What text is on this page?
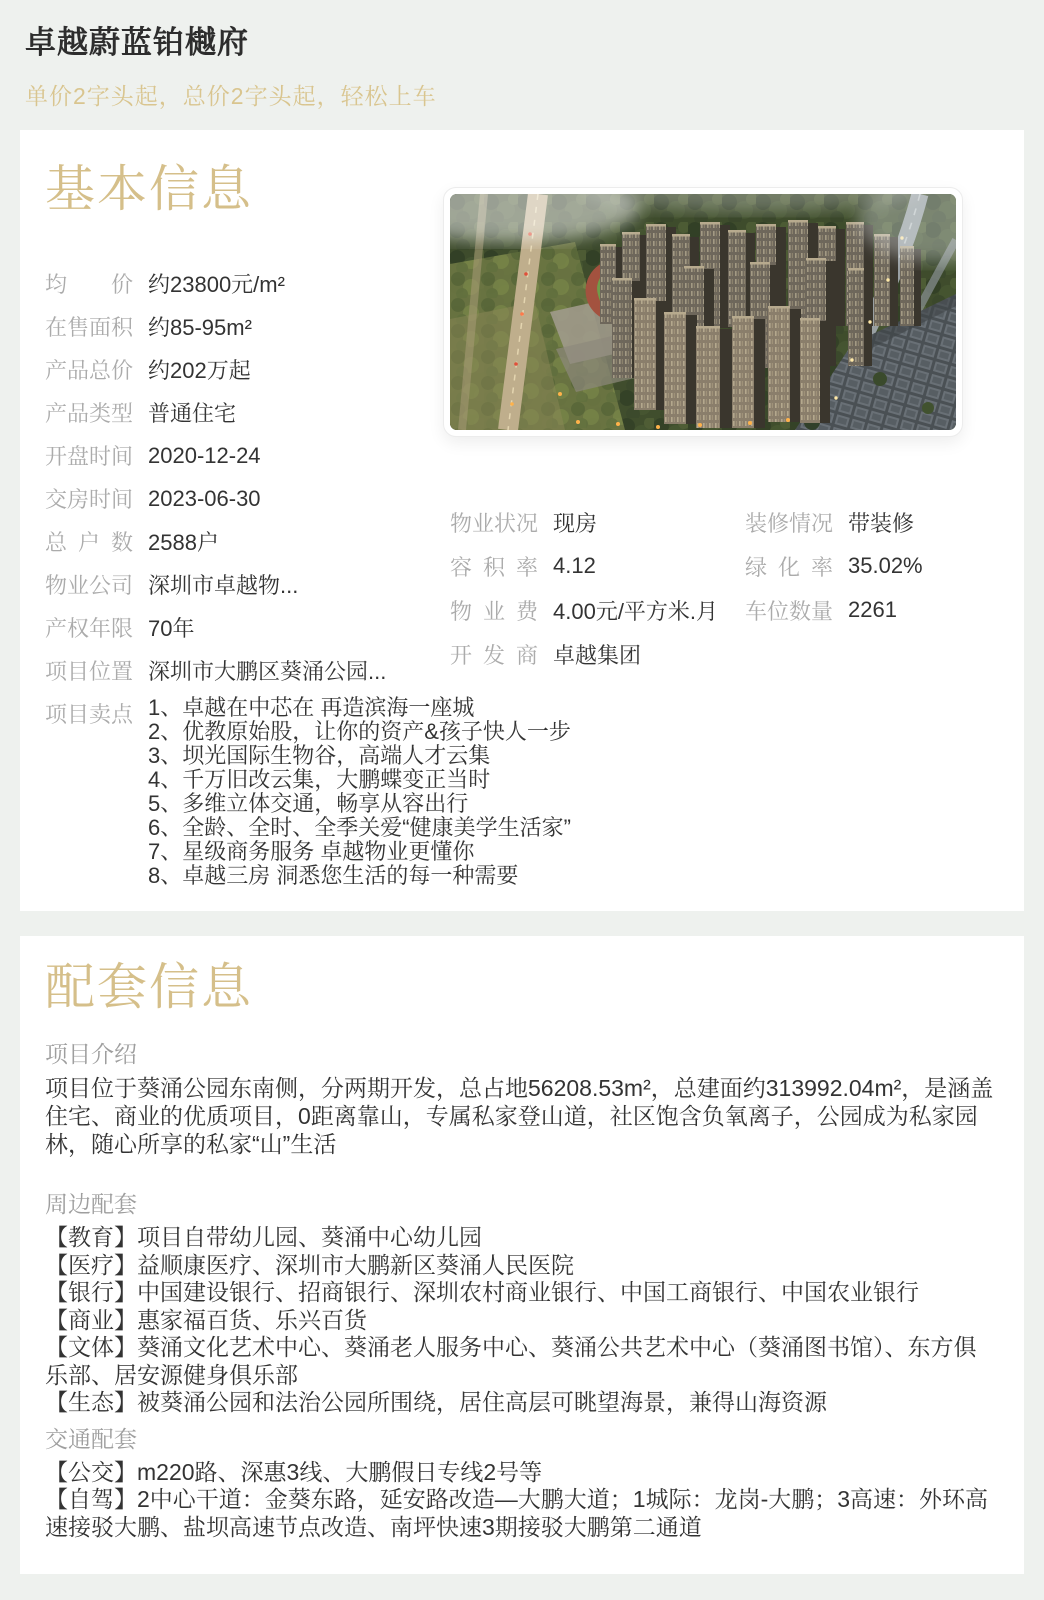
卓越蔚蓝铂樾府

单价2字头起，总价2字头起，轻松上车

基本信息
均价 约23800元/m²
在售面积 约85-95m²
产品总价 约202万起
产品类型 普通住宅
开盘时间 2020-12-24
交房时间 2023-06-30
总户数 2588户
物业公司 深圳市卓越物...
产权年限 70年
项目位置 深圳市大鹏区葵涌公园...
项目卖点 1、卓越在中芯在 再造滨海一座城
2、优教原始股，让你的资产&孩子快人一步
3、坝光国际生物谷，高端人才云集
4、千万旧改云集，大鹏蝶变正当时
5、多维立体交通，畅享从容出行
6、全龄、全时、全季关爱“健康美学生活家”
7、星级商务服务 卓越物业更懂你
8、卓越三房 洞悉您生活的每一种需要
物业状况 现房	装修情况 带装修
容积率 4.12	绿化率 35.02%
物业费 4.00元/平方米.月 车位数量 2261
开发商 卓越集团
配套信息
项目介绍

项目位于葵涌公园东南侧，分两期开发，总占地56208.53m²，总建面约313992.04m²，是涵盖住宅、商业的优质项目，0距离靠山，专属私家登山道，社区饱含负氧离子，公园成为私家园林，随心所享的私家“山”生活

周边配套
【教育】项目自带幼儿园、葵涌中心幼儿园
【医疗】益顺康医疗、深圳市大鹏新区葵涌人民医院
【银行】中国建设银行、招商银行、深圳农村商业银行、中国工商银行、中国农业银行
【商业】惠家福百货、乐兴百货
【文体】葵涌文化艺术中心、葵涌老人服务中心、葵涌公共艺术中心（葵涌图书馆）、东方俱乐部、居安源健身俱乐部
【生态】被葵涌公园和法治公园所围绕，居住高层可眺望海景，兼得山海资源
交通配套
【公交】m220路、深惠3线、大鹏假日专线2号等
【自驾】2中心干道：金葵东路，延安路改造—大鹏大道；1城际：龙岗-大鹏；3高速：外环高速接驳大鹏、盐坝高速节点改造、南坪快速3期接驳大鹏第二通道
